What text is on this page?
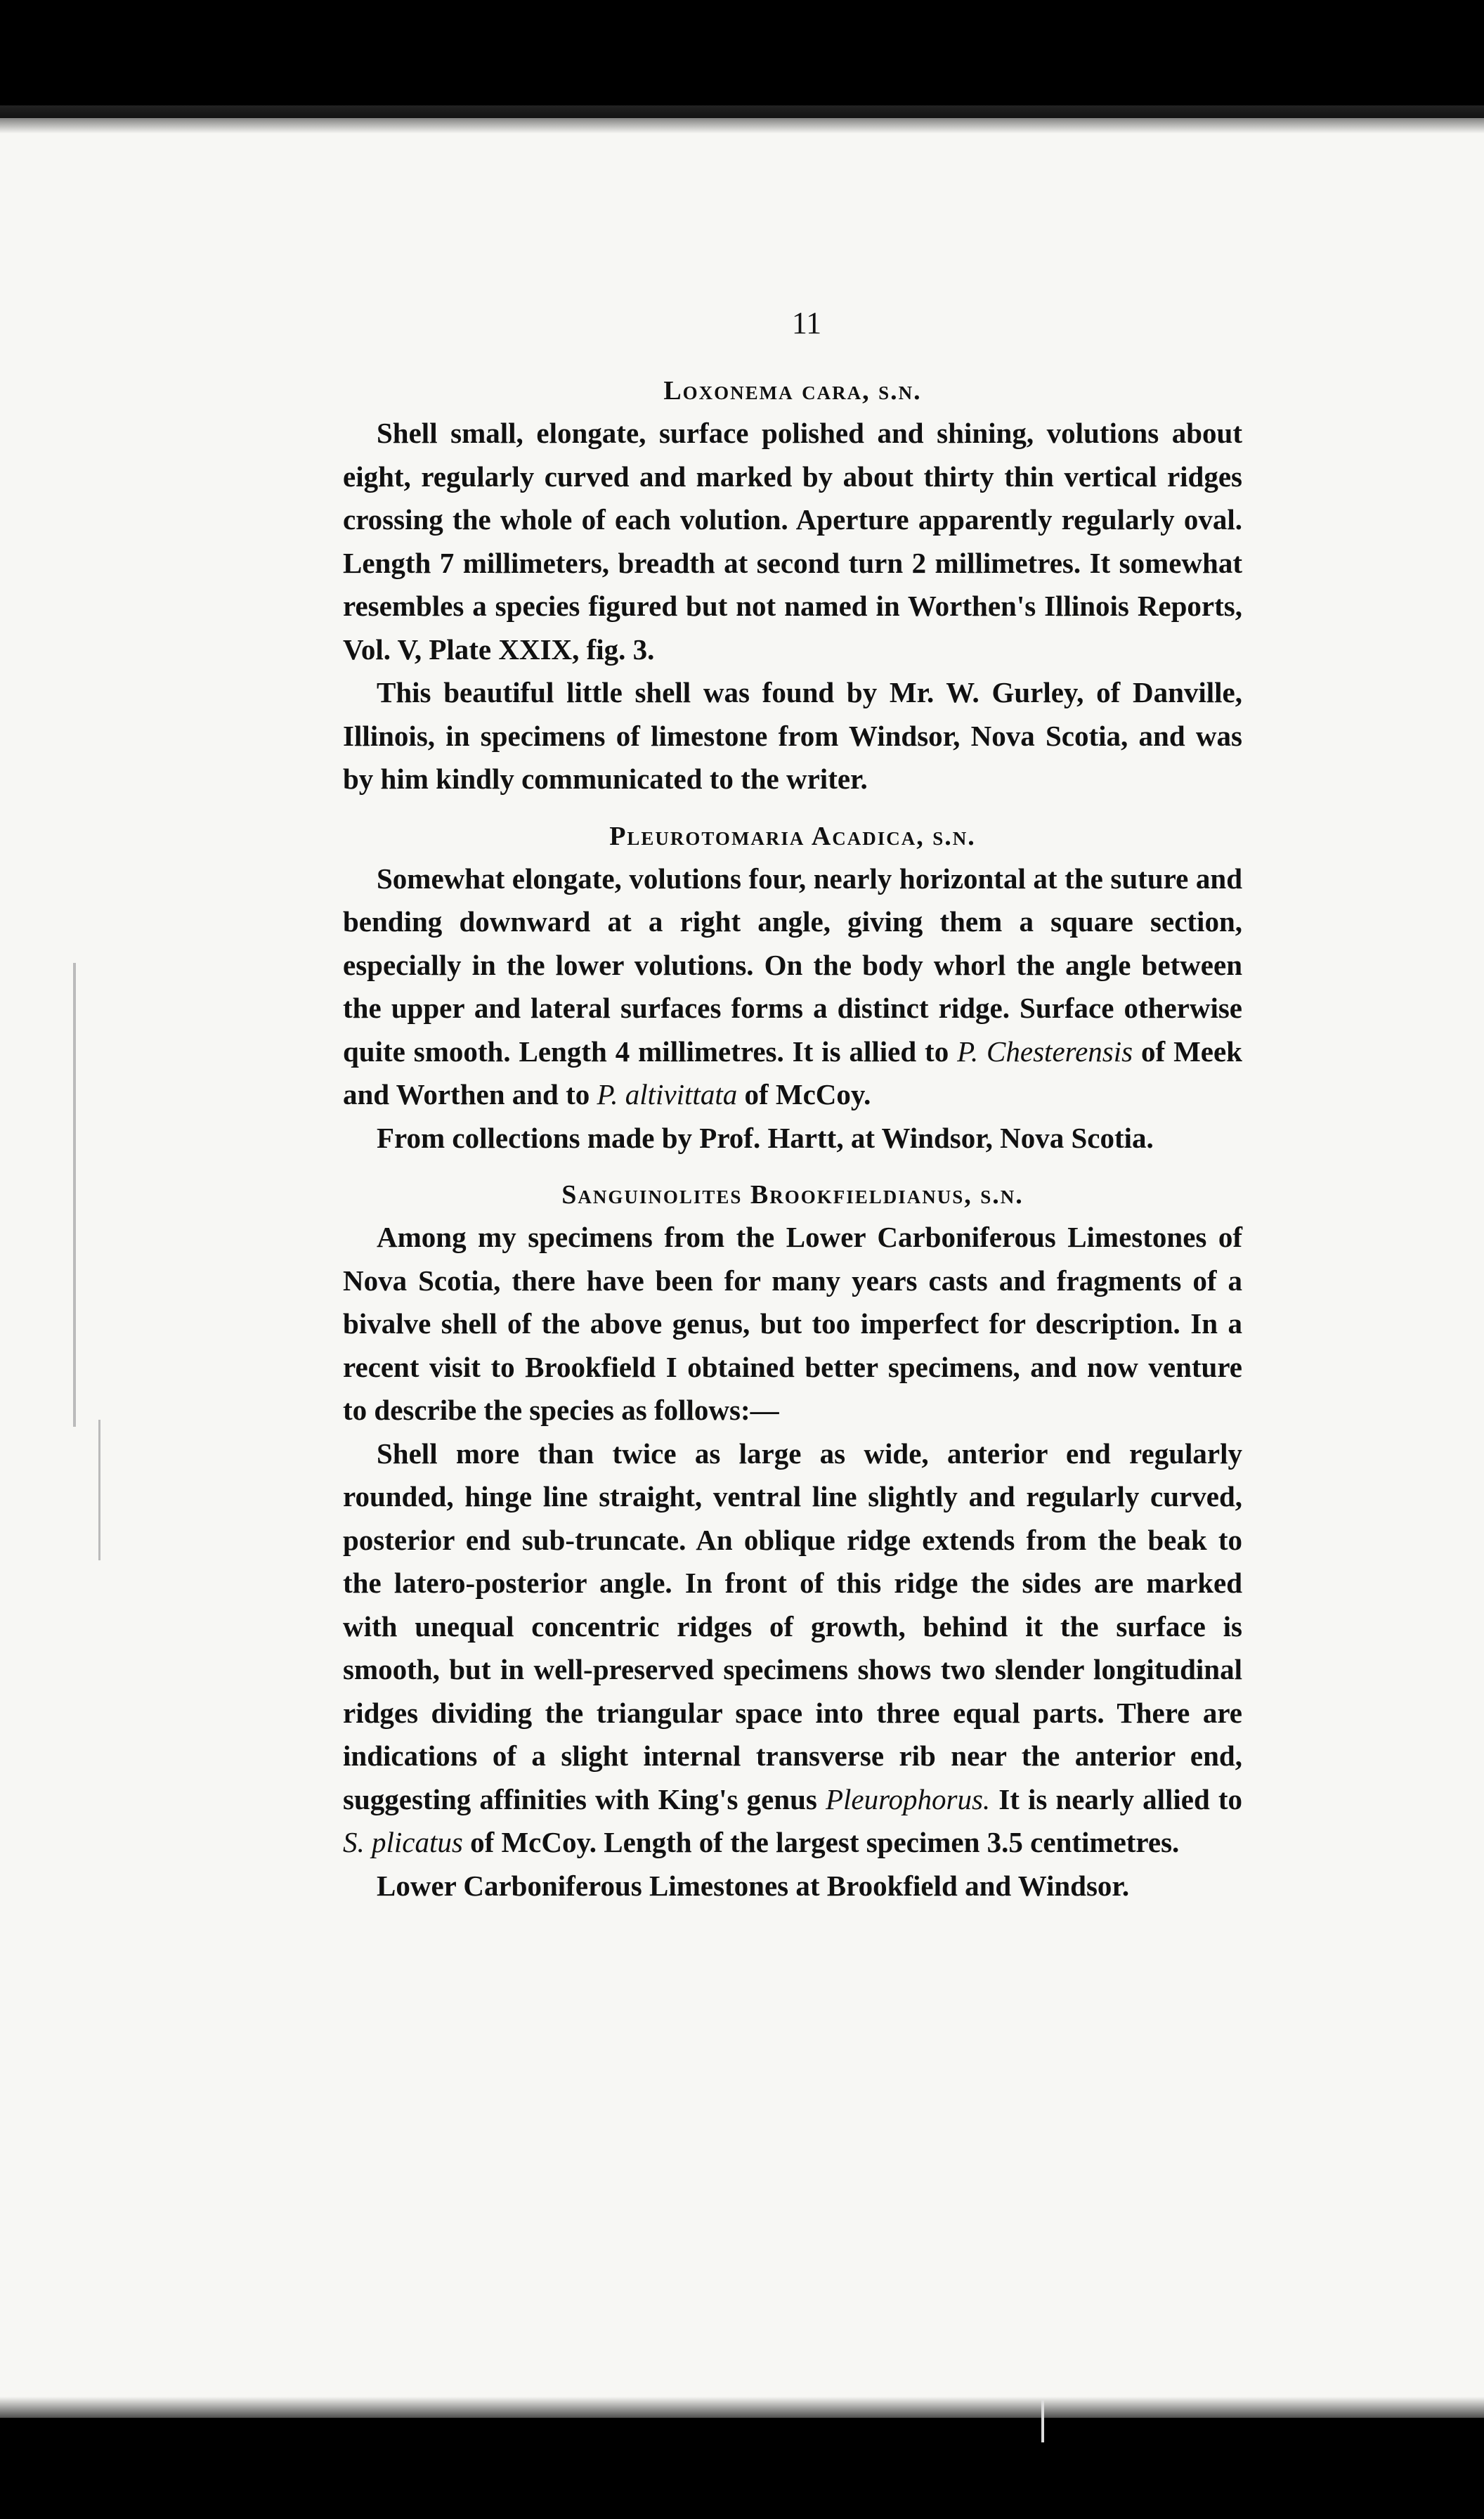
11
Loxonema cara, s.n.

Shell small, elongate, surface polished and shining, volutions about eight, regularly curved and marked by about thirty thin vertical ridges crossing the whole of each volution. Aperture apparently regularly oval. Length 7 millimeters, breadth at second turn 2 millimetres. It somewhat resembles a species figured but not named in Worthen's Illinois Reports, Vol. V, Plate XXIX, fig. 3.

This beautiful little shell was found by Mr. W. Gurley, of Danville, Illinois, in specimens of limestone from Windsor, Nova Scotia, and was by him kindly communicated to the writer.

Pleurotomaria Acadica, s.n.

Somewhat elongate, volutions four, nearly horizontal at the suture and bending downward at a right angle, giving them a square section, especially in the lower volutions. On the body whorl the angle between the upper and lateral surfaces forms a distinct ridge. Surface otherwise quite smooth. Length 4 millimetres. It is allied to P. Chesterensis of Meek and Worthen and to P. altivittata of McCoy.

From collections made by Prof. Hartt, at Windsor, Nova Scotia.

Sanguinolites Brookfieldianus, s.n.

Among my specimens from the Lower Carboniferous Limestones of Nova Scotia, there have been for many years casts and fragments of a bivalve shell of the above genus, but too imperfect for description. In a recent visit to Brookfield I obtained better specimens, and now venture to describe the species as follows:—

Shell more than twice as large as wide, anterior end regularly rounded, hinge line straight, ventral line slightly and regularly curved, posterior end sub-truncate. An oblique ridge extends from the beak to the latero-posterior angle. In front of this ridge the sides are marked with unequal concentric ridges of growth, behind it the surface is smooth, but in well-preserved specimens shows two slender longitudinal ridges dividing the triangular space into three equal parts. There are indications of a slight internal transverse rib near the anterior end, suggesting affinities with King's genus Pleurophorus. It is nearly allied to S. plicatus of McCoy. Length of the largest specimen 3.5 centimetres.

Lower Carboniferous Limestones at Brookfield and Windsor.
